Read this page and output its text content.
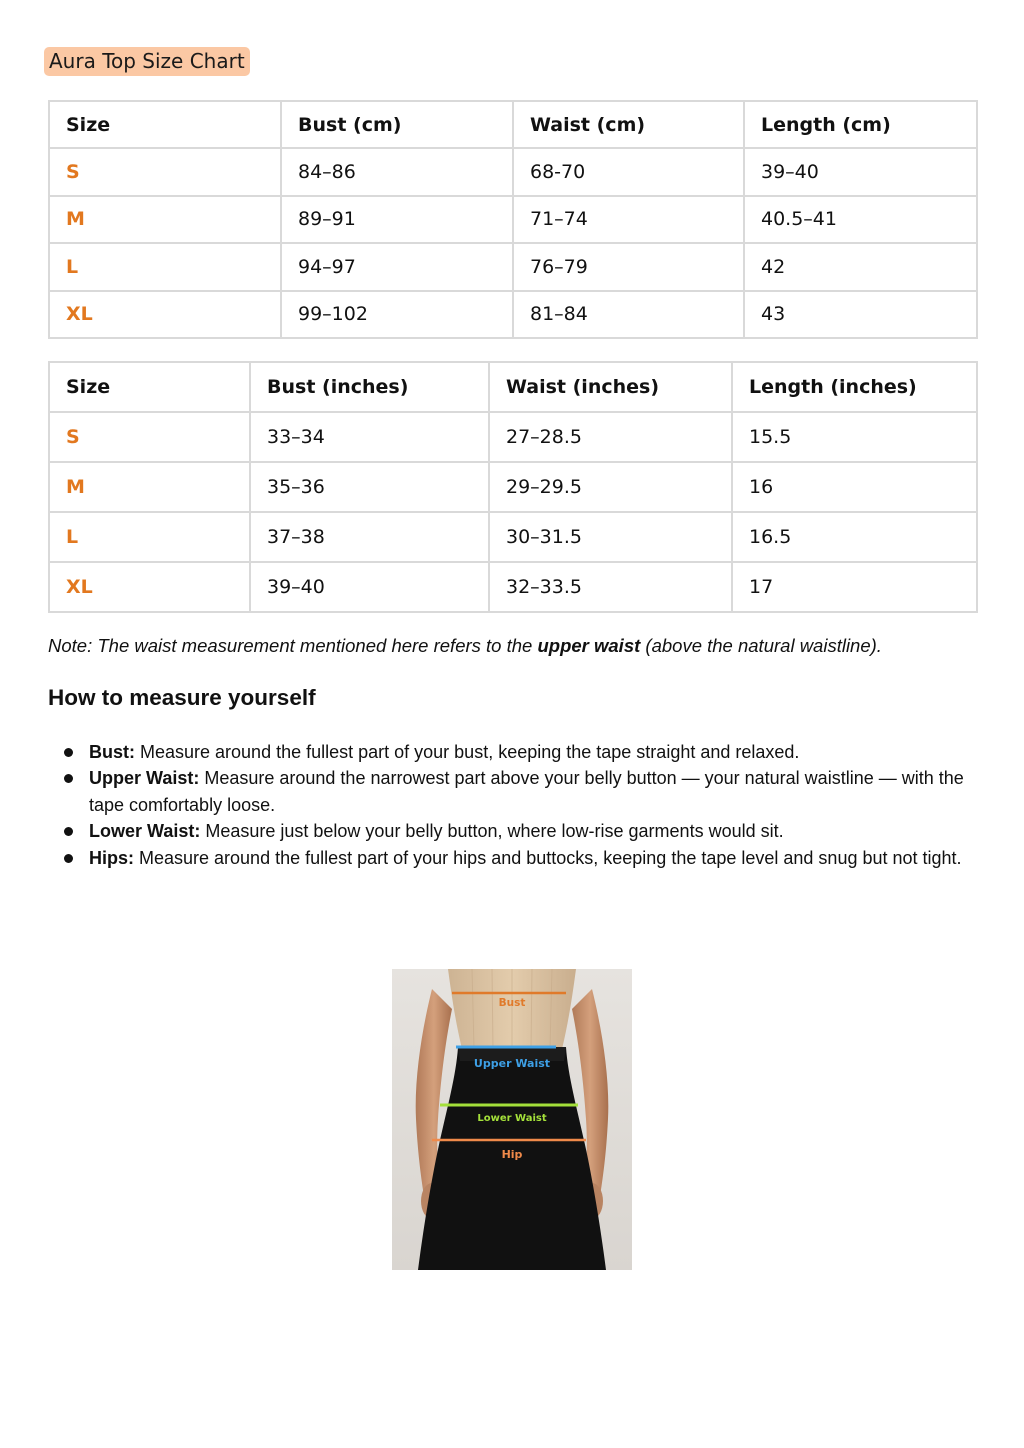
Aura Top Size Chart
Size	Bust (cm)	Waist (cm)	Length (cm)
S	84–86	68-70	39–40
M	89–91	71–74	40.5–41
L	94–97	76–79	42
XL	99–102	81–84	43
Size	Bust (inches)	Waist (inches)	Length (inches)
S	33–34	27–28.5	15.5
M	35–36	29–29.5	16
L	37–38	30–31.5	16.5
XL	39–40	32–33.5	17
Note: The waist measurement mentioned here refers to the upper waist (above the natural waistline).
How to measure yourself
Bust: Measure around the fullest part of your bust, keeping the tape straight and relaxed.
Upper Waist: Measure around the narrowest part above your belly button — your natural waistline — with the tape comfortably loose.
Lower Waist: Measure just below your belly button, where low-rise garments would sit.
Hips: Measure around the fullest part of your hips and buttocks, keeping the tape level and snug but not tight.
Bust
Upper Waist
Lower Waist
Hip
